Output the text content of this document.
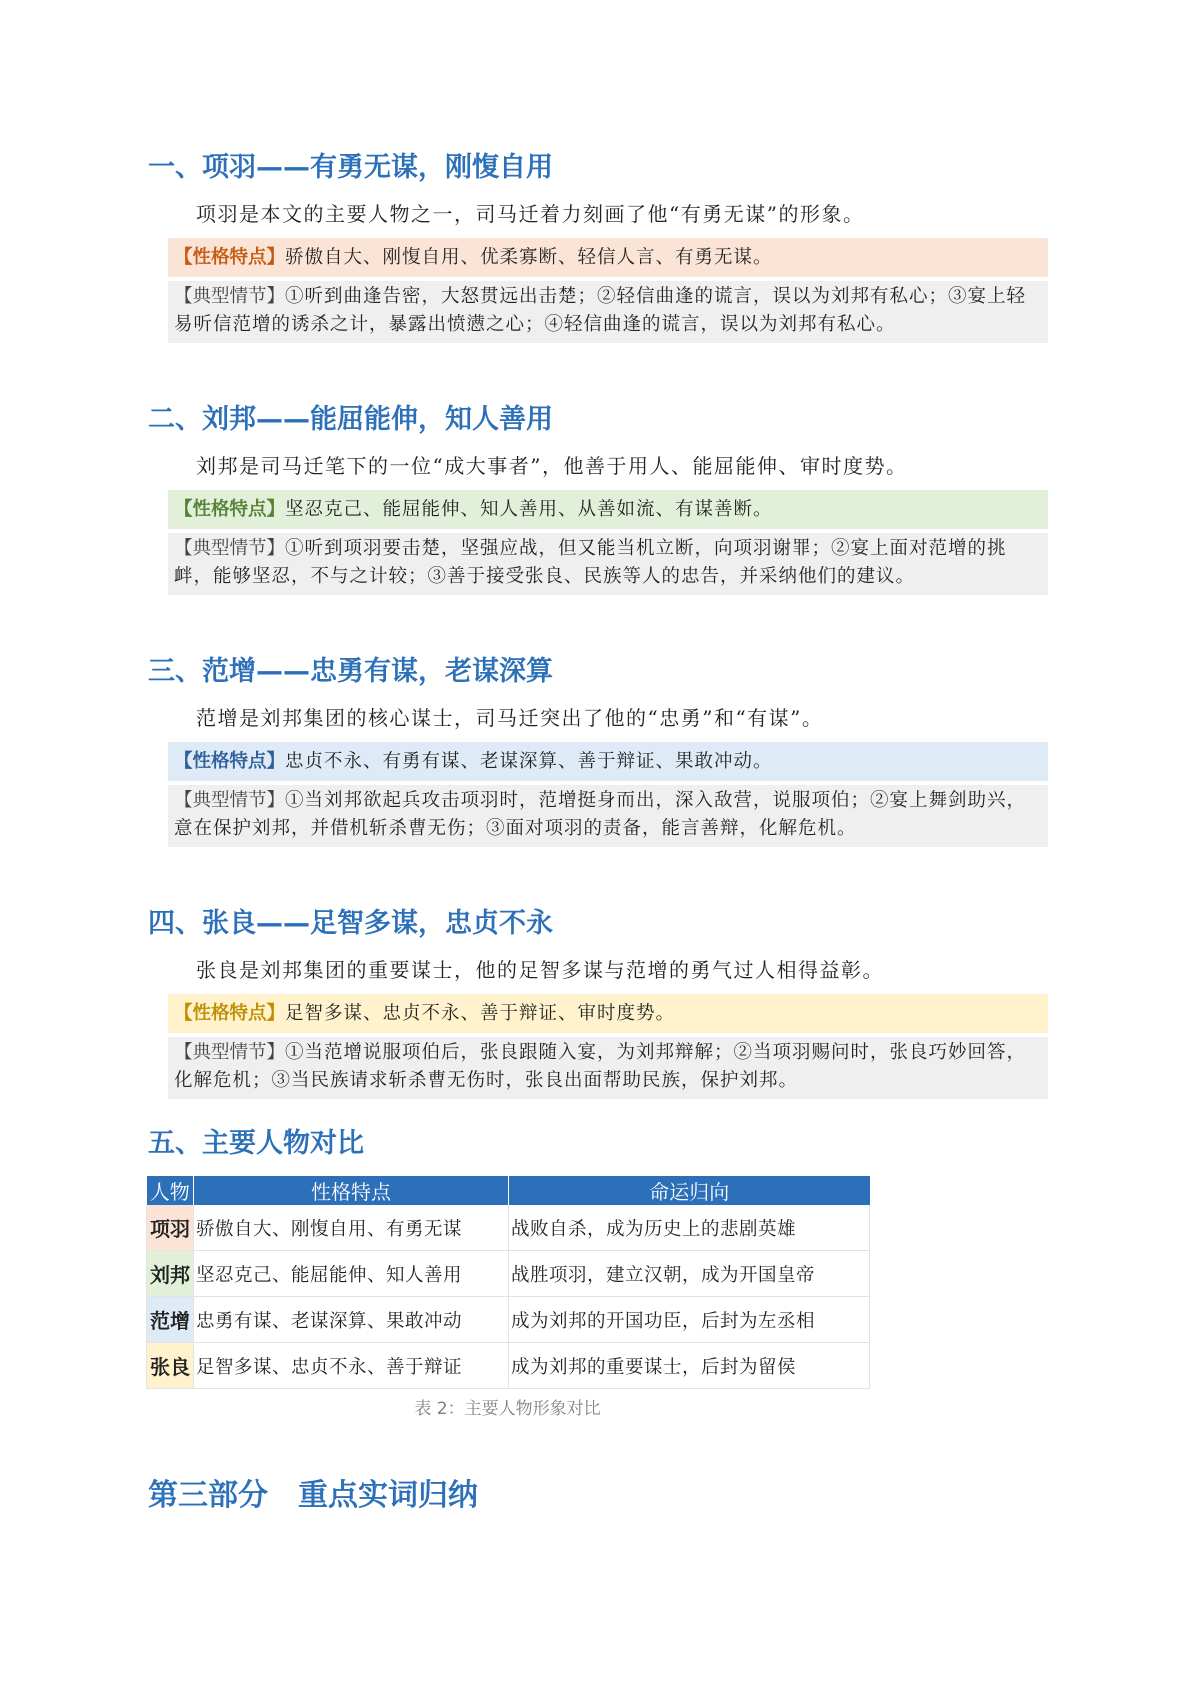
一、项羽——有勇无谋，刚愎自用
项羽是本文的主要人物之一，司马迁着力刻画了他“有勇无谋”的形象。
【性格特点】骄傲自大、刚愎自用、优柔寡断、轻信人言、有勇无谋。
【典型情节】①听到曲逢告密，大怒贯远出击楚；②轻信曲逢的谎言，误以为刘邦有私心；③宴上轻易听信范增的诱杀之计，暴露出愤懑之心；④轻信曲逢的谎言，误以为刘邦有私心。
二、刘邦——能屈能伸，知人善用
刘邦是司马迁笔下的一位“成大事者”，他善于用人、能屈能伸、审时度势。
【性格特点】坚忍克己、能屈能伸、知人善用、从善如流、有谋善断。
【典型情节】①听到项羽要击楚，坚强应战，但又能当机立断，向项羽谢罪；②宴上面对范增的挑衅，能够坚忍，不与之计较；③善于接受张良、民族等人的忠告，并采纳他们的建议。
三、范增——忠勇有谋，老谋深算
范增是刘邦集团的核心谋士，司马迁突出了他的“忠勇”和“有谋”。
【性格特点】忠贞不永、有勇有谋、老谋深算、善于辩证、果敢冲动。
【典型情节】①当刘邦欲起兵攻击项羽时，范增挺身而出，深入敌营，说服项伯；②宴上舞剑助兴，意在保护刘邦，并借机斩杀曹无伤；③面对项羽的责备，能言善辩，化解危机。
四、张良——足智多谋，忠贞不永
张良是刘邦集团的重要谋士，他的足智多谋与范增的勇气过人相得益彰。
【性格特点】足智多谋、忠贞不永、善于辩证、审时度势。
【典型情节】①当范增说服项伯后，张良跟随入宴，为刘邦辩解；②当项羽赐问时，张良巧妙回答，化解危机；③当民族请求斩杀曹无伤时，张良出面帮助民族，保护刘邦。
五、主要人物对比
人物	性格特点	命运归向
项羽	骄傲自大、刚愎自用、有勇无谋	战败自杀，成为历史上的悲剧英雄
刘邦	坚忍克己、能屈能伸、知人善用	战胜项羽，建立汉朝，成为开国皇帝
范增	忠勇有谋、老谋深算、果敢冲动	成为刘邦的开国功臣，后封为左丞相
张良	足智多谋、忠贞不永、善于辩证	成为刘邦的重要谋士，后封为留侯
表 2：主要人物形象对比
第三部分　重点实词归纳
